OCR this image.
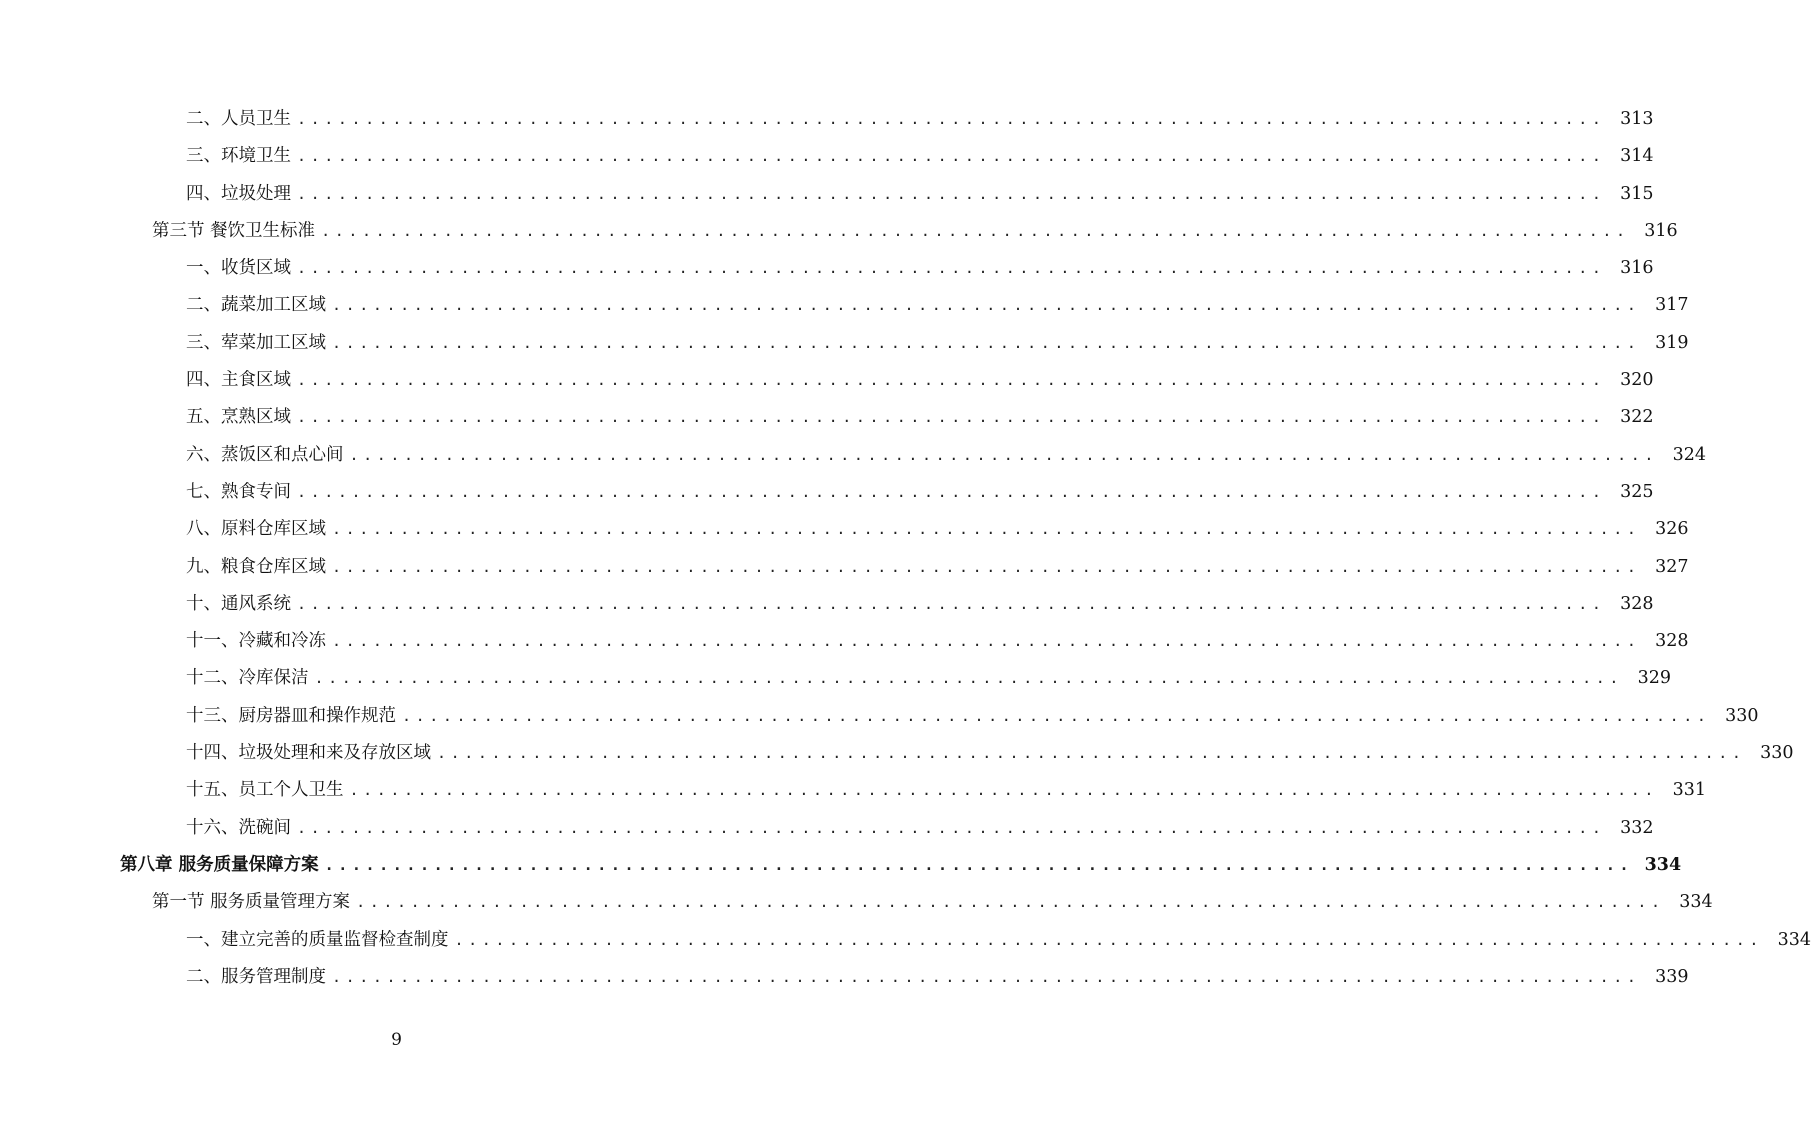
二、人员卫生 ................................................................................................ 313
三、环境卫生 ................................................................................................ 314
四、垃圾处理 ................................................................................................ 315
第三节 餐饮卫生标准 ................................................................................................ 316
一、收货区域 ................................................................................................ 316
二、蔬菜加工区域 ................................................................................................ 317
三、荤菜加工区域 ................................................................................................ 319
四、主食区域 ................................................................................................ 320
五、烹熟区域 ................................................................................................ 322
六、蒸饭区和点心间 ................................................................................................ 324
七、熟食专间 ................................................................................................ 325
八、原料仓库区域 ................................................................................................ 326
九、粮食仓库区域 ................................................................................................ 327
十、通风系统 ................................................................................................ 328
十一、冷藏和冷冻 ................................................................................................ 328
十二、冷库保洁 ................................................................................................ 329
十三、厨房器皿和操作规范 ................................................................................................ 330
十四、垃圾处理和来及存放区域 ................................................................................................ 330
十五、员工个人卫生 ................................................................................................ 331
十六、洗碗间 ................................................................................................ 332
第八章 服务质量保障方案 ................................................................................................ 334
第一节 服务质量管理方案 ................................................................................................ 334
一、建立完善的质量监督检查制度 ................................................................................................ 334
二、服务管理制度 ................................................................................................ 339
9
